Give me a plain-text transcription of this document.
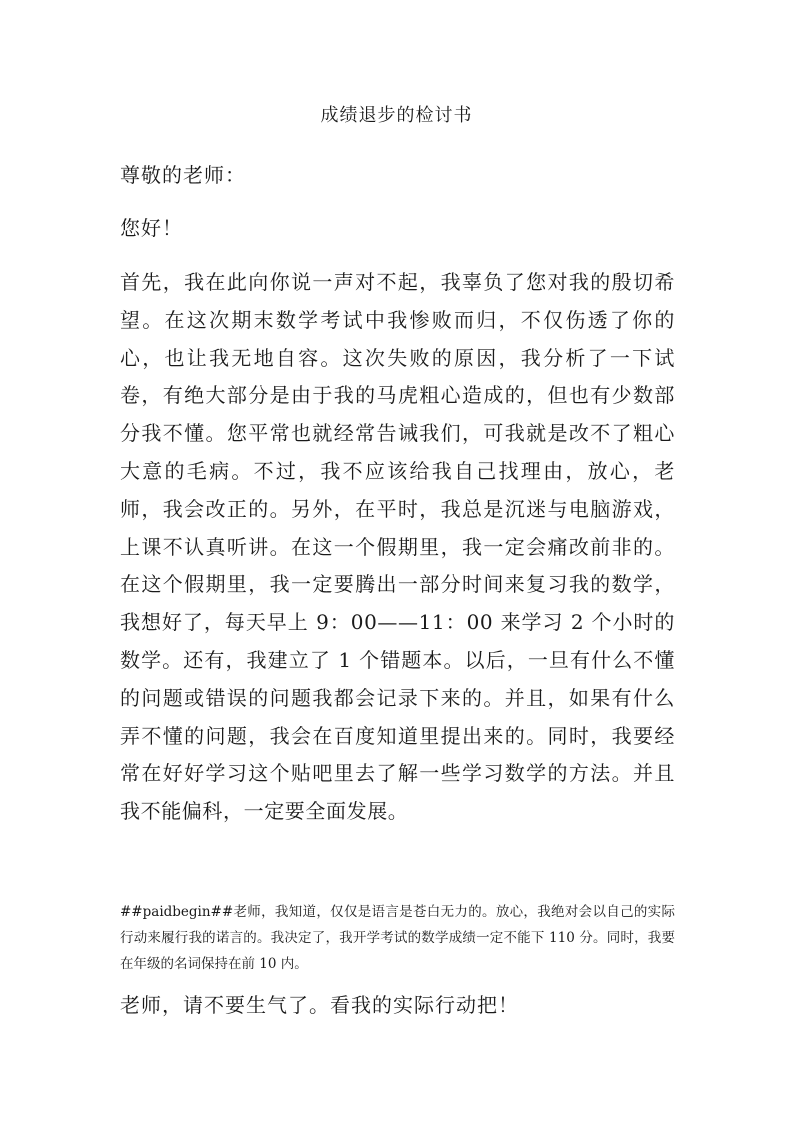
成绩退步的检讨书
尊敬的老师：
您好！
首先，我在此向你说一声对不起，我辜负了您对我的殷切希望。在这次期末数学考试中我惨败而归，不仅伤透了你的心，也让我无地自容。这次失败的原因，我分析了一下试卷，有绝大部分是由于我的马虎粗心造成的，但也有少数部分我不懂。您平常也就经常告诫我们，可我就是改不了粗心大意的毛病。不过，我不应该给我自己找理由，放心，老师，我会改正的。另外，在平时，我总是沉迷与电脑游戏，上课不认真听讲。在这一个假期里，我一定会痛改前非的。在这个假期里，我一定要腾出一部分时间来复习我的数学，我想好了，每天早上 9：00——11：00 来学习 2 个小时的数学。还有，我建立了 1 个错题本。以后，一旦有什么不懂的问题或错误的问题我都会记录下来的。并且，如果有什么弄不懂的问题，我会在百度知道里提出来的。同时，我要经常在好好学习这个贴吧里去了解一些学习数学的方法。并且我不能偏科，一定要全面发展。
##paidbegin##老师，我知道，仅仅是语言是苍白无力的。放心，我绝对会以自己的实际行动来履行我的诺言的。我决定了，我开学考试的数学成绩一定不能下 110 分。同时，我要在年级的名词保持在前 10 内。
老师，请不要生气了。看我的实际行动把！
